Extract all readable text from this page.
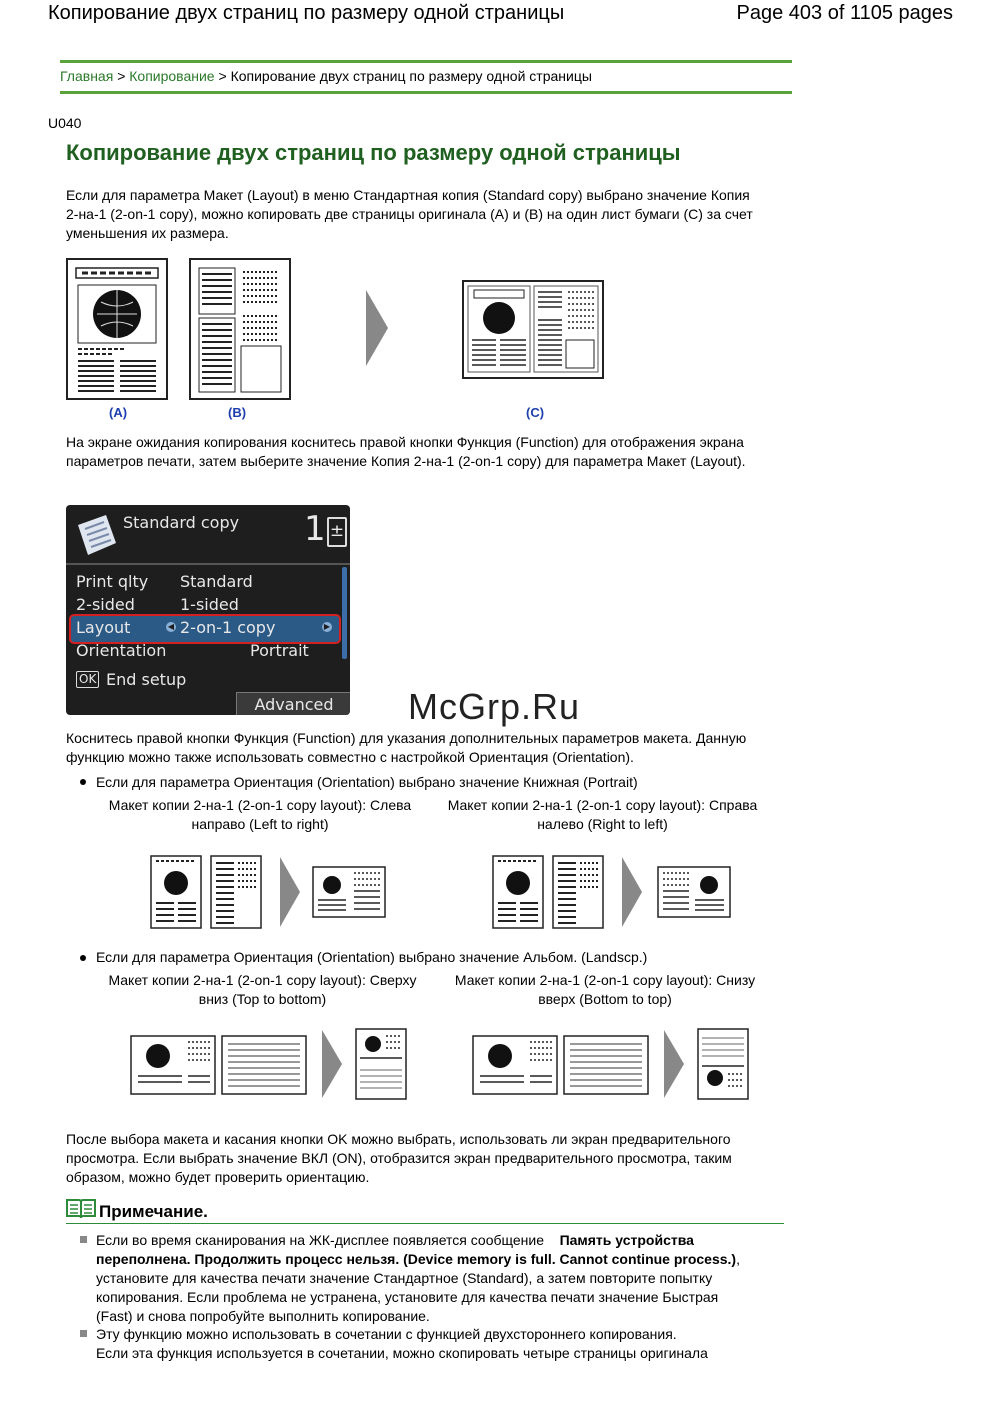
Копирование двух страниц по размеру одной страницы	Page 403 of 1105 pages
Главная > Копирование > Копирование двух страниц по размеру одной страницы
U040
Копирование двух страниц по размеру одной страницы
Если для параметра Макет (Layout) в меню Стандартная копия (Standard copy) выбрано значение Копия 2-на-1 (2-on-1 copy), можно копировать две страницы оригинала (A) и (B) на один лист бумаги (C) за счет уменьшения их размера.
(A)	(B)	(C)
На экране ожидания копирования коснитесь правой кнопки Функция (Function) для отображения экрана параметров печати, затем выберите значение Копия 2-на-1 (2-on-1 copy) для параметра Макет (Layout).
Standard copy 1 ±
Print qlty Standard
2-sided	1-sided
Layout	◀ 2-on-1 copy	▶
Orientation	Portrait
OK End setup
Advanced	McGrp.Ru
Коснитесь правой кнопки Функция (Function) для указания дополнительных параметров макета. Данную функцию можно также использовать совместно с настройкой Ориентация (Orientation).
Если для параметра Ориентация (Orientation) выбрано значение Книжная (Portrait)
Макет копии 2-на-1 (2-on-1 copy layout): Слева направо (Left to right)
Макет копии 2-на-1 (2-on-1 copy layout): Справа налево (Right to left)
Если для параметра Ориентация (Orientation) выбрано значение Альбом. (Landscp.)
Макет копии 2-на-1 (2-on-1 copy layout): Сверху вниз (Top to bottom)
Макет копии 2-на-1 (2-on-1 copy layout): Снизу вверх (Bottom to top)
После выбора макета и касания кнопки OK можно выбрать, использовать ли экран предварительного просмотра. Если выбрать значение ВКЛ (ON), отобразится экран предварительного просмотра, таким образом, можно будет проверить ориентацию.
Примечание.
Если во время сканирования на ЖК-дисплее появляется сообщение Память устройства переполнена. Продолжить процесс нельзя. (Device memory is full. Cannot continue process.), установите для качества печати значение Стандартное (Standard), а затем повторите попытку копирования. Если проблема не устранена, установите для качества печати значение Быстрая (Fast) и снова попробуйте выполнить копирование.
Эту функцию можно использовать в сочетании с функцией двухстороннего копирования.
Если эта функция используется в сочетании, можно скопировать четыре страницы оригинала
